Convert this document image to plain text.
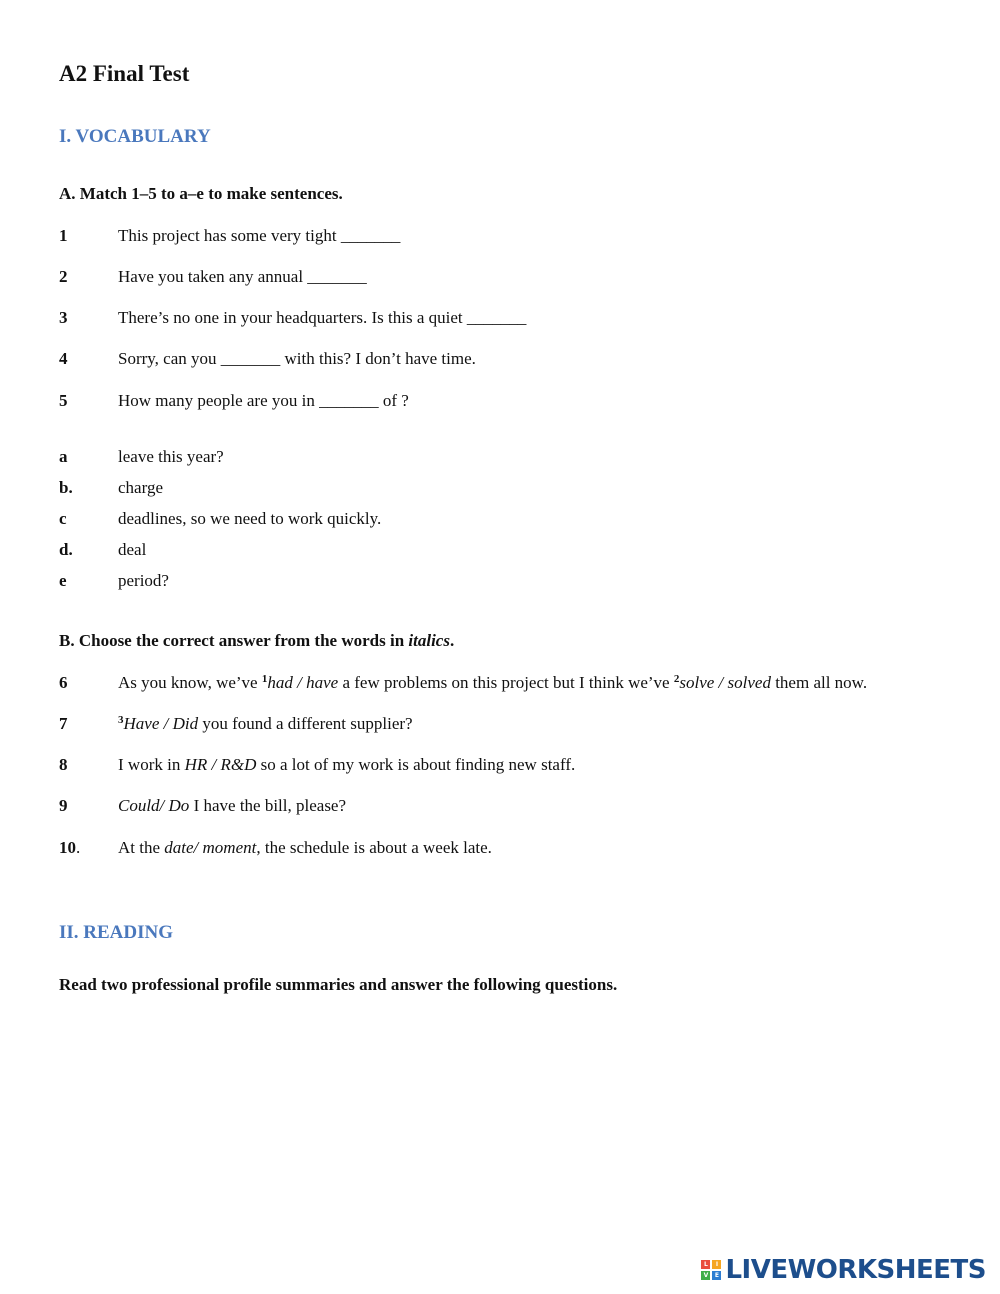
A2 Final Test
I. VOCABULARY
A. Match 1–5 to a–e to make sentences.
1	This project has some very tight _______
2	Have you taken any annual _______
3	There’s no one in your headquarters. Is this a quiet _______
4	Sorry, can you _______ with this? I don’t have time.
5	How many people are you in _______ of ?
a	leave this year?
b.	charge
c	deadlines, so we need to work quickly.
d.	deal
e	period?
B. Choose the correct answer from the words in italics.
6	As you know, we’ve $^1$had / have a few problems on this project but I think we’ve $^2$solve / solved them all now.
7	$^3$Have / Did you found a different supplier?
8	I work in HR / R&D so a lot of my work is about finding new staff.
9	Could/ Do I have the bill, please?
10. At the date/ moment, the schedule is about a week late.
II. READING
Read two professional profile summaries and answer the following questions.
L	I
V	E LIVEWORKSHEETS
